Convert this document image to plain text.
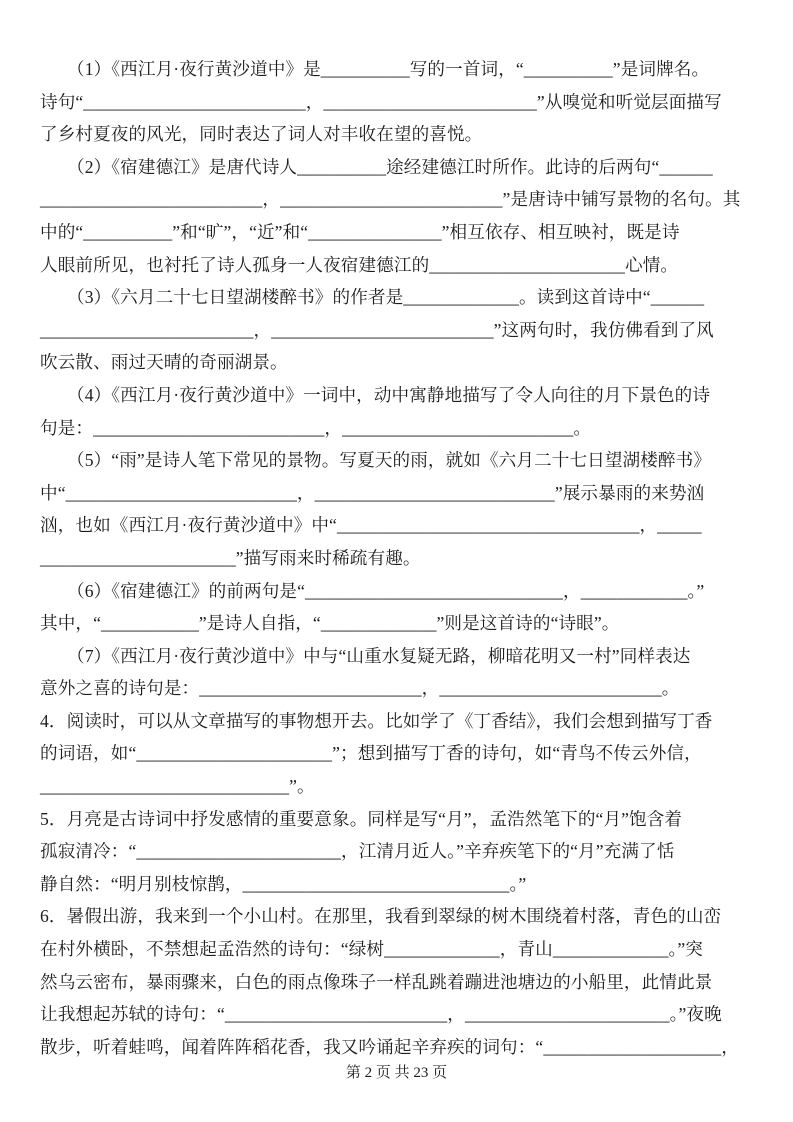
（1）《西江月·夜行黄沙道中》是__________写的一首词，“__________”是词牌名。
诗句“_________________________，________________________”从嗅觉和听觉层面描写
了乡村夏夜的风光，同时表达了词人对丰收在望的喜悦。
（2）《宿建德江》是唐代诗人__________途经建德江时所作。此诗的后两句“______
_________________________，_________________________”是唐诗中铺写景物的名句。其
中的“__________”和“旷”，“近”和“_______________”相互依存、相互映衬，既是诗
人眼前所见，也衬托了诗人孤身一人夜宿建德江的______________________心情。
（3）《六月二十七日望湖楼醉书》的作者是_____________。读到这首诗中“______
________________________，_________________________”这两句时，我仿佛看到了风
吹云散、雨过天晴的奇丽湖景。
（4）《西江月·夜行黄沙道中》一词中，动中寓静地描写了令人向往的月下景色的诗
句是：__________________________，__________________________。
（5）“雨”是诗人笔下常见的景物。写夏天的雨，就如《六月二十七日望湖楼醉书》
中“__________________________，___________________________”展示暴雨的来势汹
汹，也如《西江月·夜行黄沙道中》中“__________________________________，_____
______________________”描写雨来时稀疏有趣。
（6）《宿建德江》的前两句是“_____________________________，____________。”
其中，“___________”是诗人自指，“_____________”则是这首诗的“诗眼”。
（7）《西江月·夜行黄沙道中》中与“山重水复疑无路，柳暗花明又一村”同样表达
意外之喜的诗句是：_________________________，_________________________。
4．阅读时，可以从文章描写的事物想开去。比如学了《丁香结》，我们会想到描写丁香
的词语，如“______________________”；想到描写丁香的诗句，如“青鸟不传云外信，
____________________________”。
5．月亮是古诗词中抒发感情的重要意象。同样是写“月”，孟浩然笔下的“月”饱含着
孤寂清冷：“_______________________，江清月近人。”辛弃疾笔下的“月”充满了恬
静自然：“明月别枝惊鹊，______________________________。”
6．暑假出游，我来到一个小山村。在那里，我看到翠绿的树木围绕着村落，青色的山峦
在村外横卧，不禁想起孟浩然的诗句：“绿树_____________，青山_____________。”突
然乌云密布，暴雨骤来，白色的雨点像珠子一样乱跳着蹦进池塘边的小船里，此情此景
让我想起苏轼的诗句：“_________________________，_______________________。”夜晚
散步，听着蛙鸣，闻着阵阵稻花香，我又吟诵起辛弃疾的词句：“____________________，
第 2 页 共 23 页
